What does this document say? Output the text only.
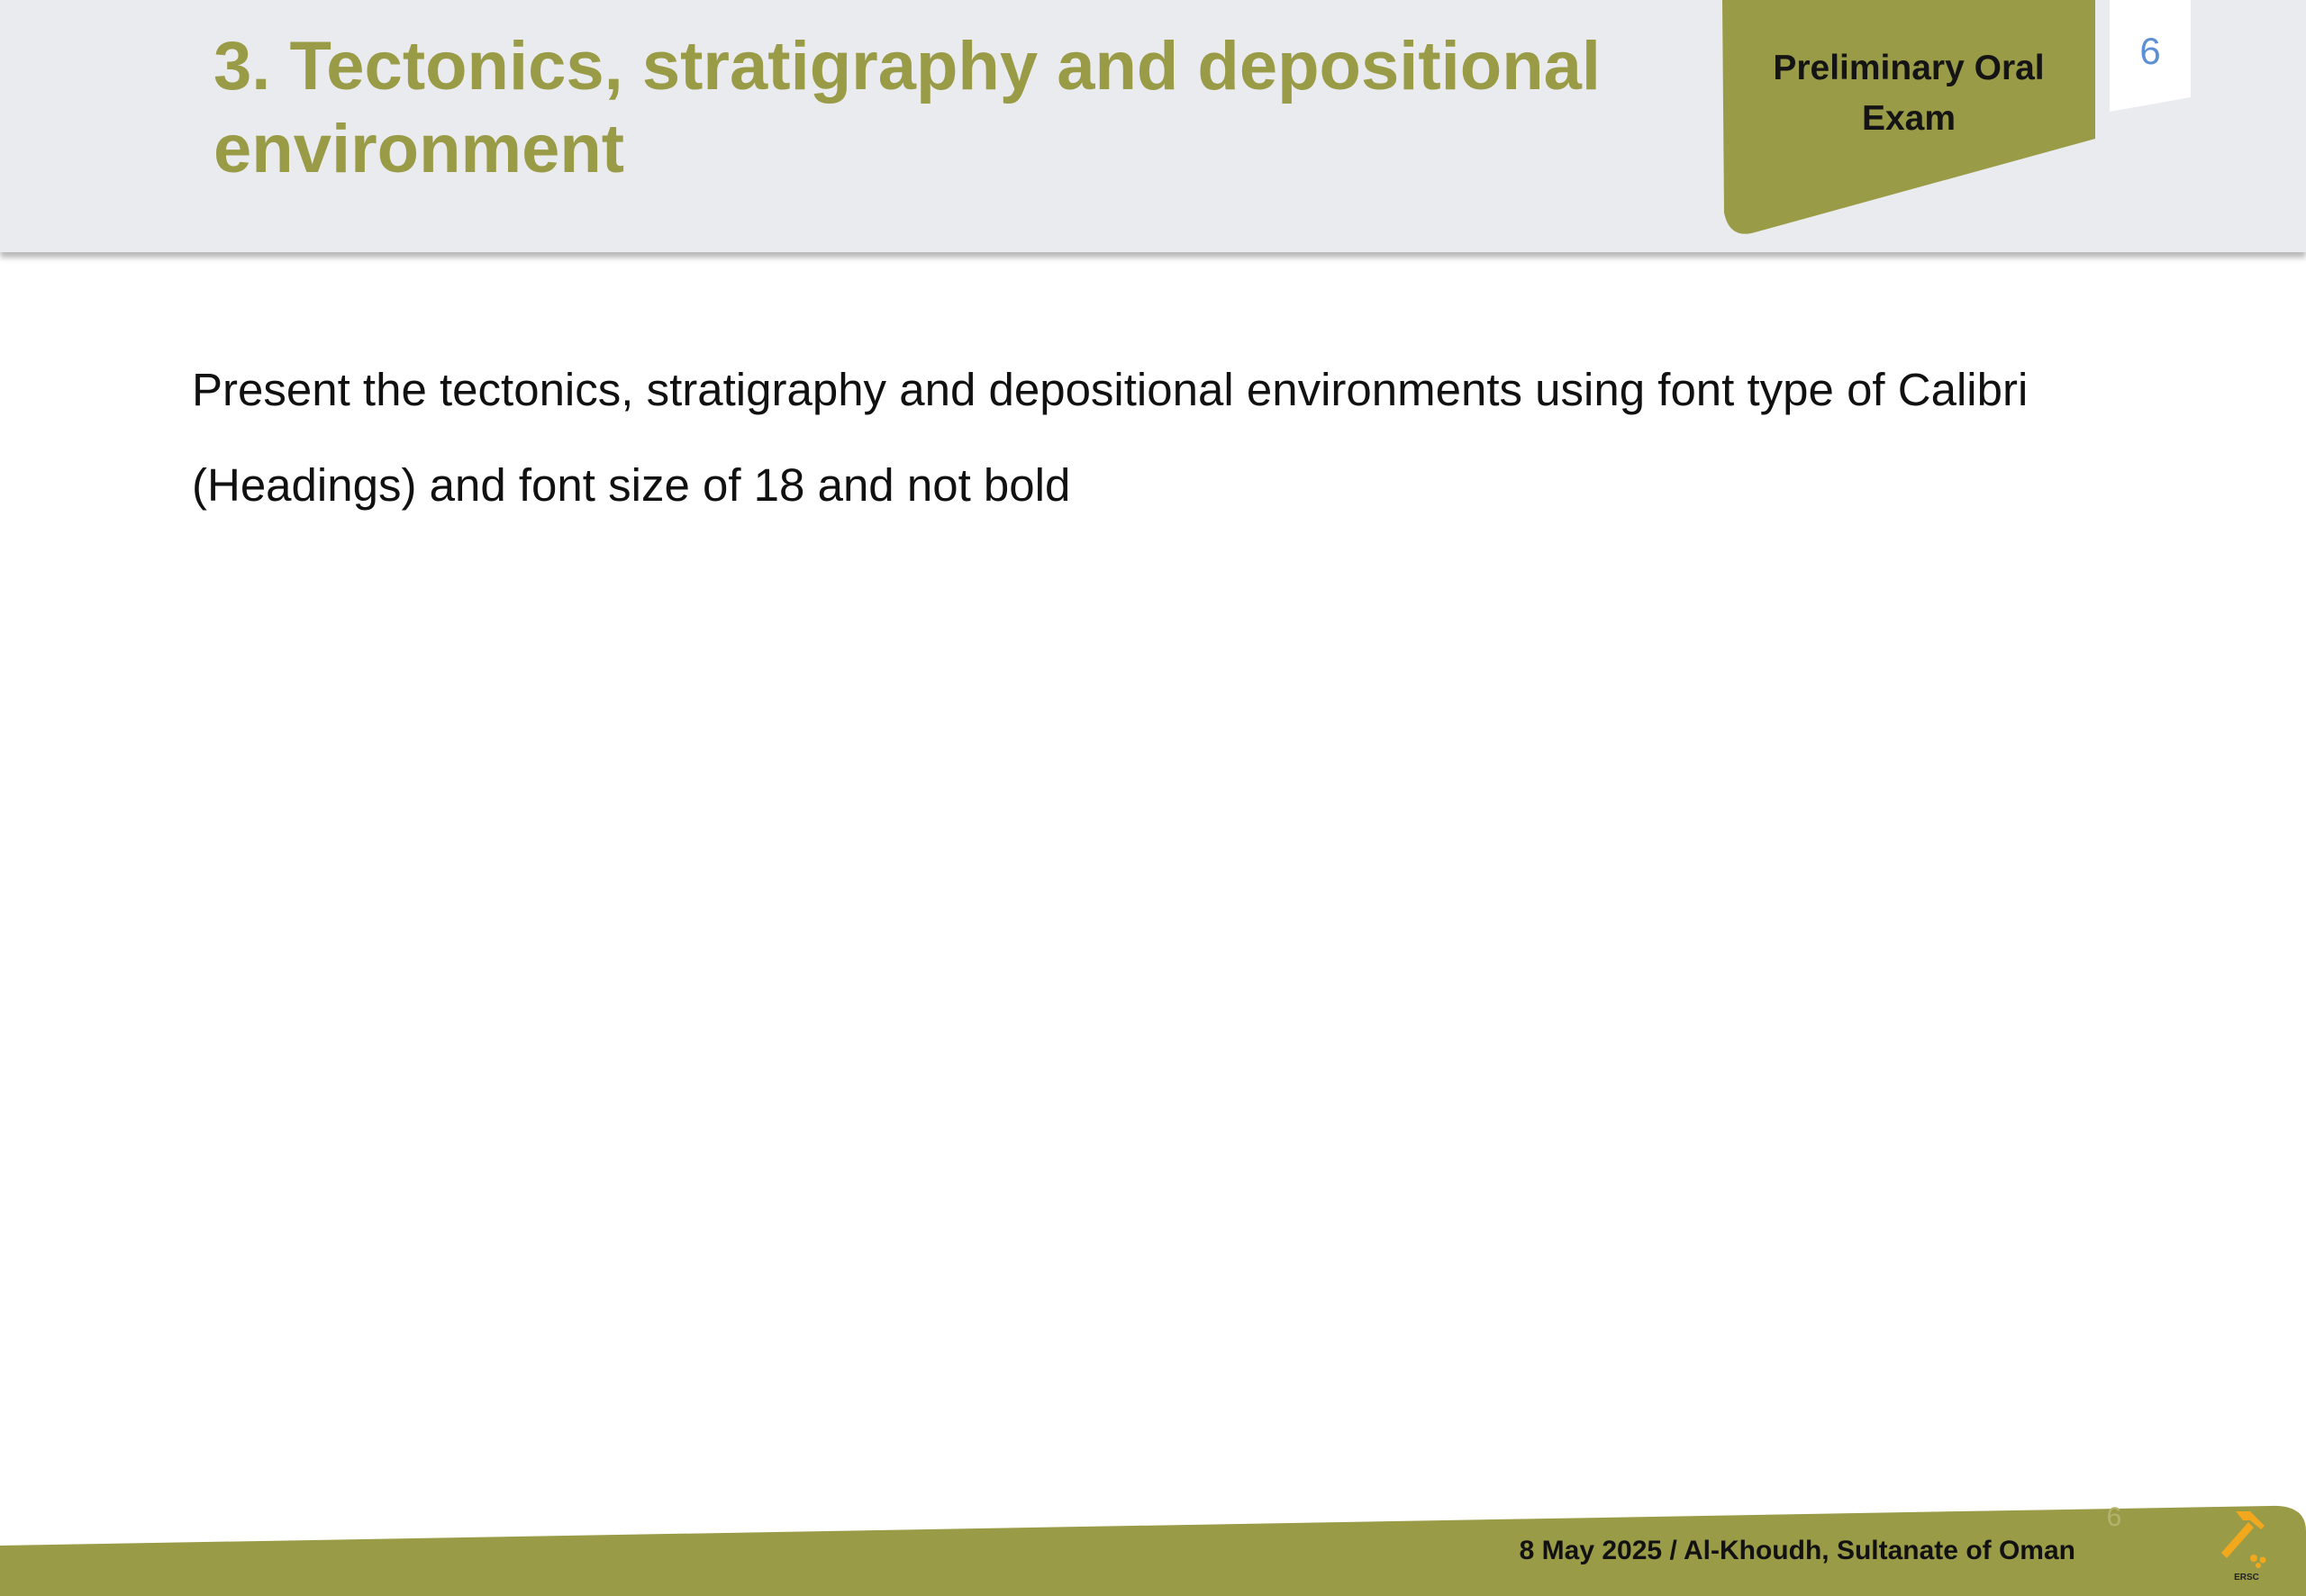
3. Tectonics, stratigraphy and depositional environment
Preliminary Oral Exam
6

Present the tectonics, stratigraphy and depositional environments using font type of Calibri (Headings) and font size of 18 and not bold

8 May 2025 / Al-Khoudh, Sultanate of Oman
6
ERSC
